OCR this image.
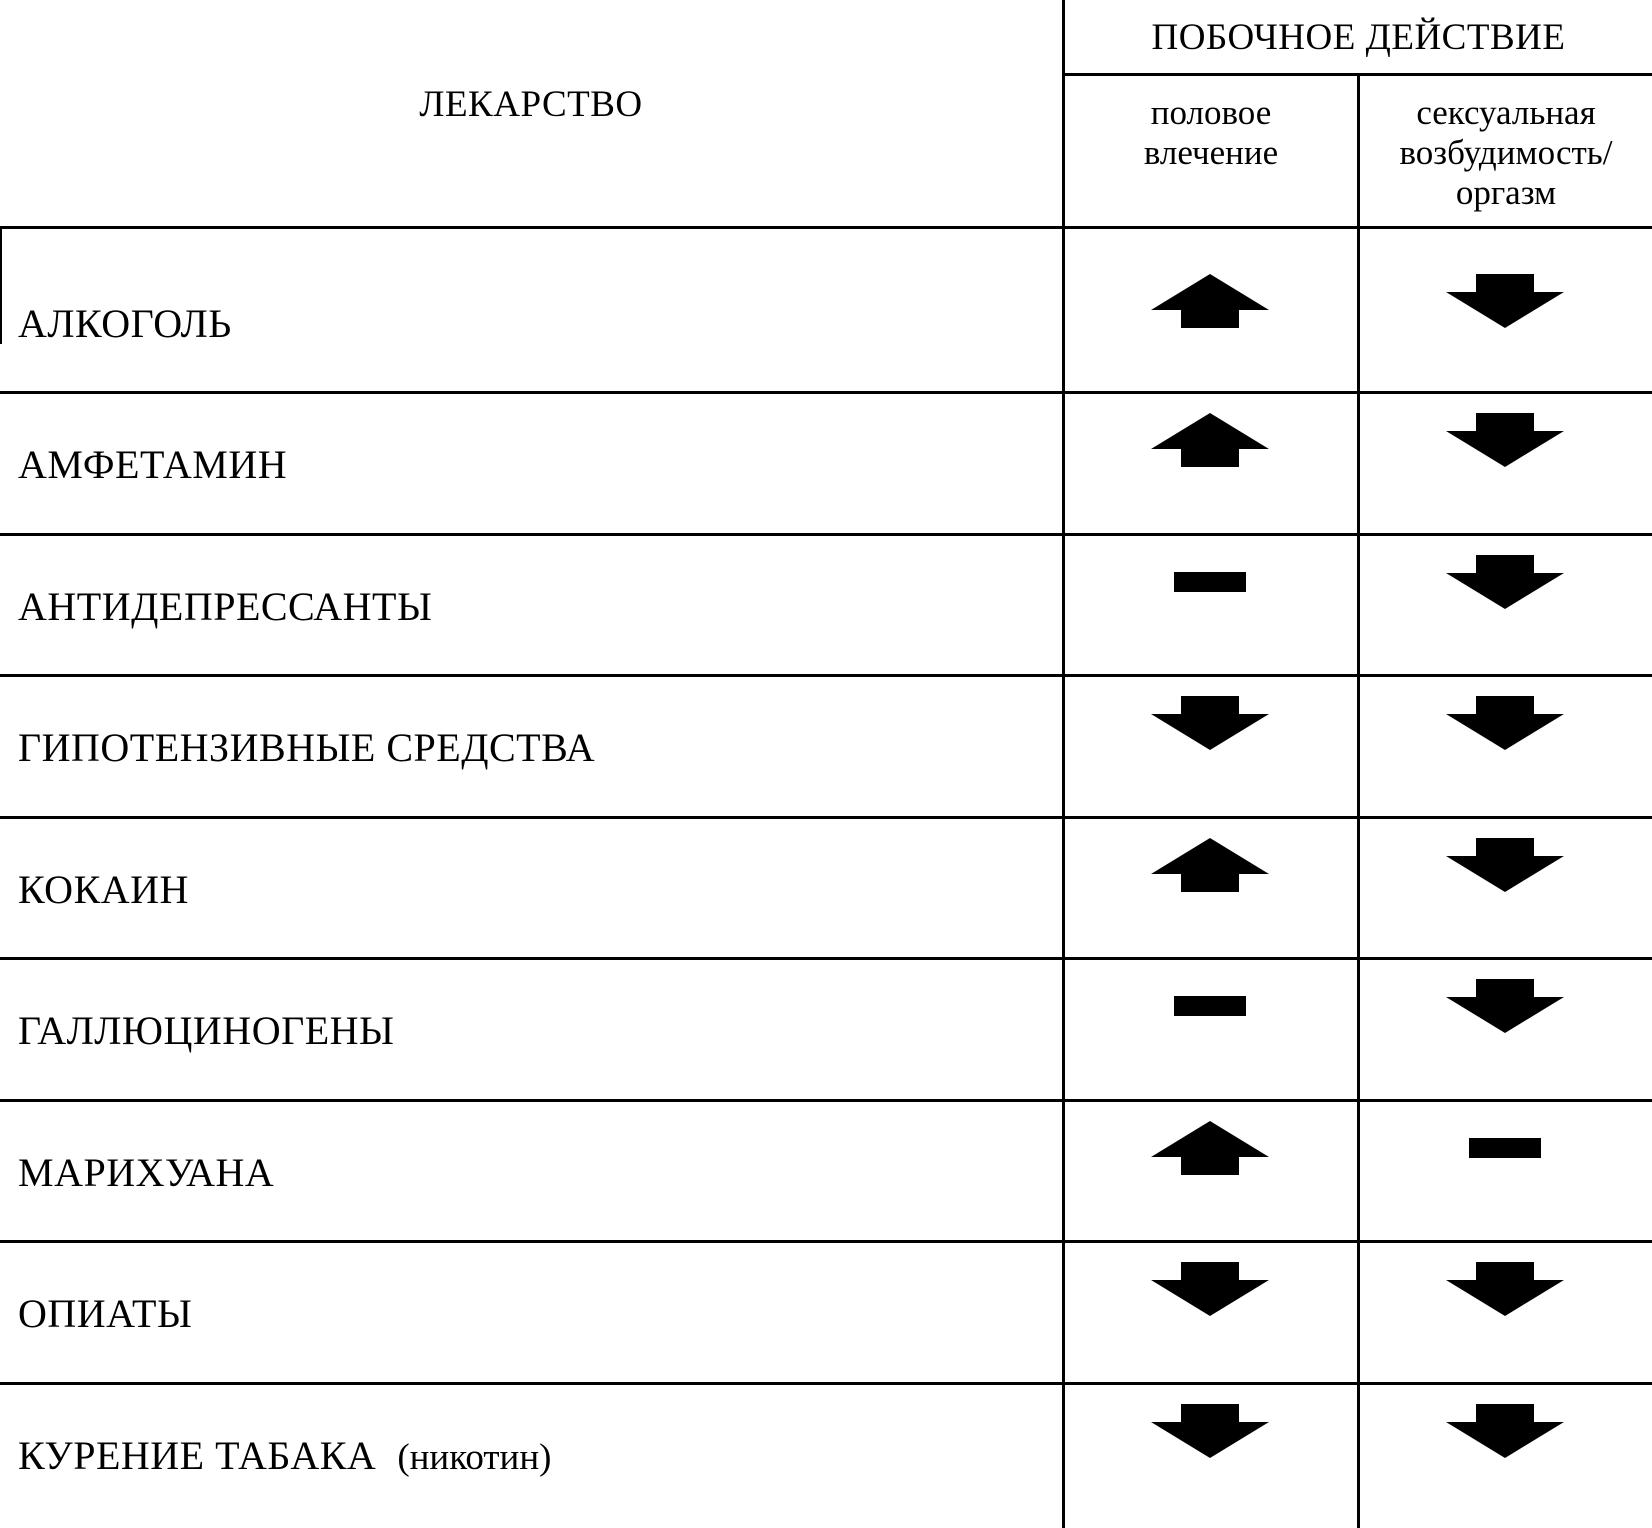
ЛЕКАРСТВО
ПОБОЧНОЕ ДЕЙСТВИЕ
половое
влечение
сексуальная
возбудимость/
оргазм
АЛКОГОЛЬ
АМФЕТАМИН
АНТИДЕПРЕССАНТЫ
ГИПОТЕНЗИВНЫЕ СРЕДСТВА
КОКАИН
ГАЛЛЮЦИНОГЕНЫ
МАРИХУАНА
ОПИАТЫ
КУРЕНИЕ ТАБАКА (никотин)
